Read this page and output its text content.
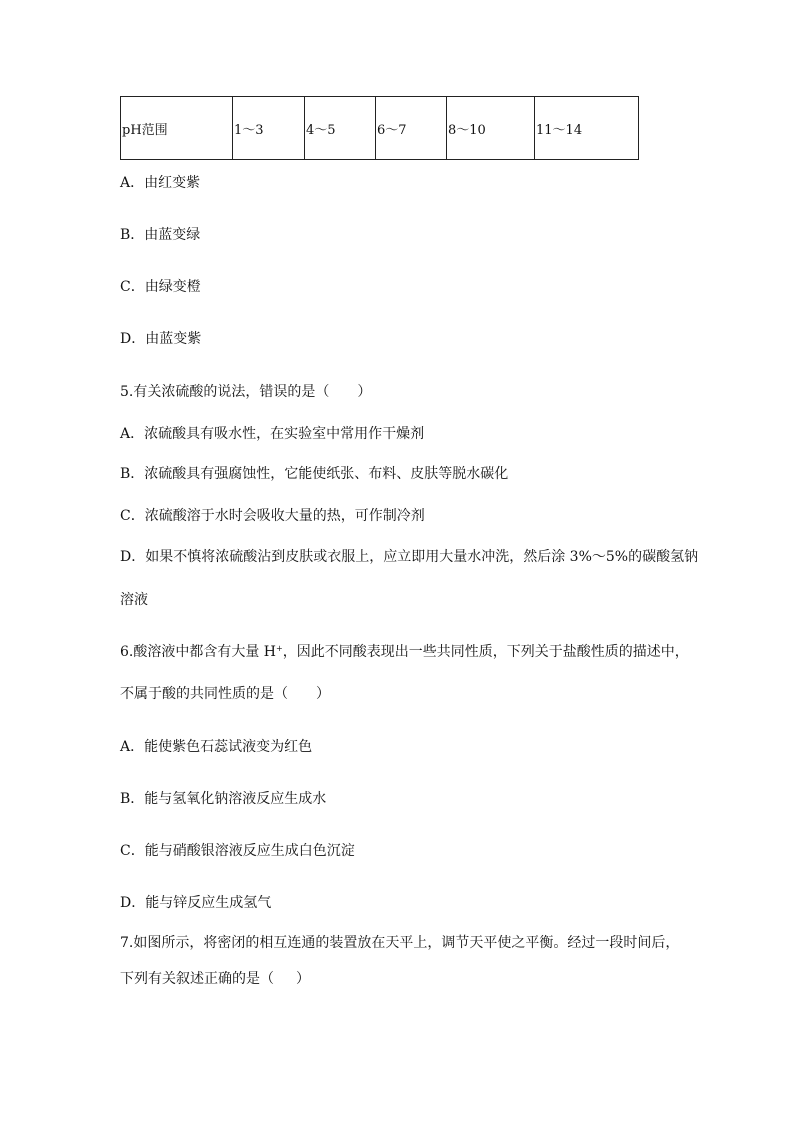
pH范围	1～3	4～5	6～7	8～10	11～14
A．由红变紫
B．由蓝变绿
C．由绿变橙
D．由蓝变紫
5.有关浓硫酸的说法，错误的是（ ）
A．浓硫酸具有吸水性，在实验室中常用作干燥剂
B．浓硫酸具有强腐蚀性，它能使纸张、布料、皮肤等脱水碳化
C．浓硫酸溶于水时会吸收大量的热，可作制冷剂
D．如果不慎将浓硫酸沾到皮肤或衣服上，应立即用大量水冲洗，然后涂 3%～5%的碳酸氢钠
溶液
6.酸溶液中都含有大量 H+，因此不同酸表现出一些共同性质，下列关于盐酸性质的描述中，
不属于酸的共同性质的是（ ）
A．能使紫色石蕊试液变为红色
B．能与氢氧化钠溶液反应生成水
C．能与硝酸银溶液反应生成白色沉淀
D．能与锌反应生成氢气
7.如图所示，将密闭的相互连通的装置放在天平上，调节天平使之平衡。经过一段时间后，
下列有关叙述正确的是（ ）
